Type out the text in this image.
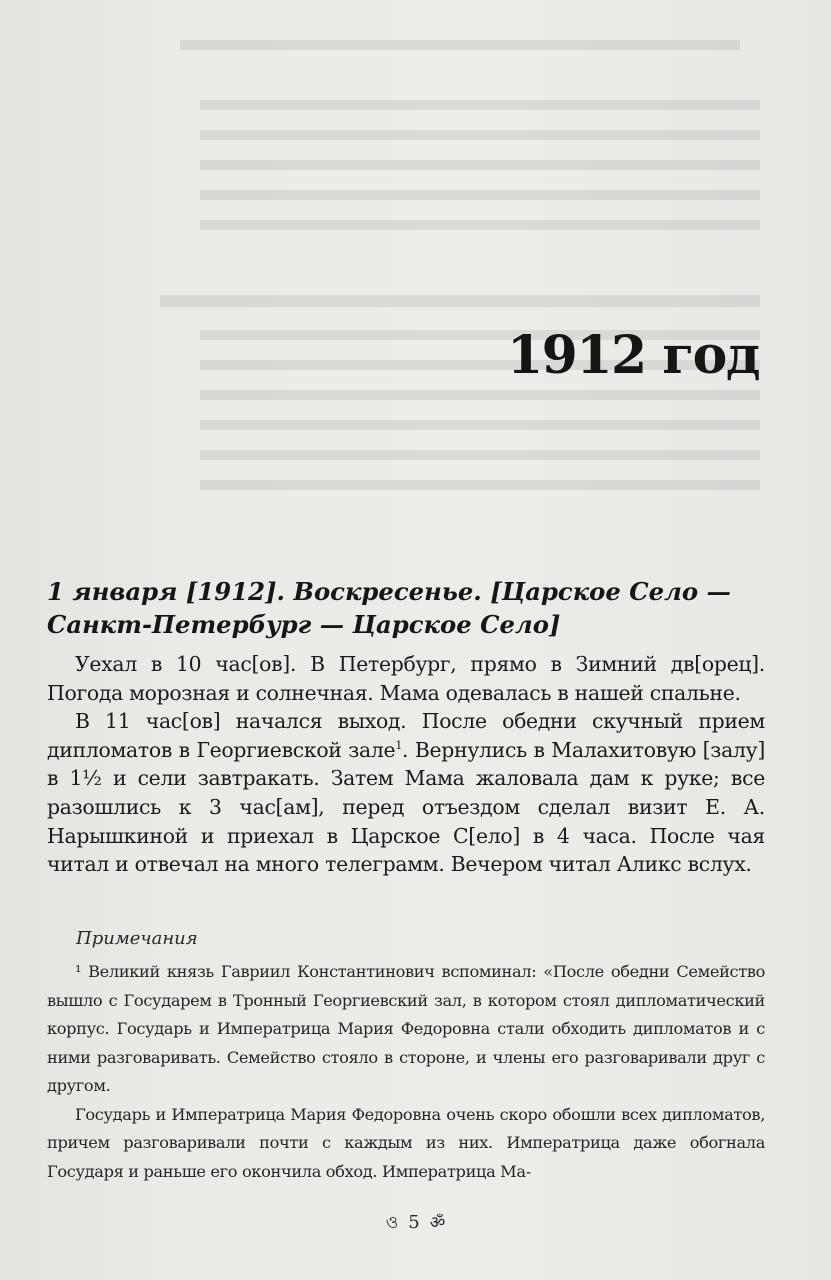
1912 год
1 января [1912]. Воскресенье. [Царское Село — Санкт-Петербург — Царское Село]

Уехал в 10 час[ов]. В Петербург, прямо в Зимний дв[орец]. Погода морозная и солнечная. Мама одевалась в нашей спальне.

В 11 час[ов] начался выход. После обедни скучный прием дипломатов в Георгиевской зале$^1$. Вернулись в Малахитовую [залу] в 1½ и сели завтракать. Затем Мама жаловала дам к руке; все разошлись к 3 час[ам], перед отъездом сделал визит Е. А. Нарышкиной и приехал в Царское С[ело] в 4 часа. После чая читал и отвечал на много телеграмм. Вечером читал Аликс вслух.

Примечания

¹ Великий князь Гавриил Константинович вспоминал: «После обедни Семейство вышло с Государем в Тронный Георгиевский зал, в котором стоял дипломатический корпус. Государь и Императрица Мария Федоровна стали обходить дипломатов и с ними разговаривать. Семейство стояло в стороне, и члены его разговаривали друг с другом.

Государь и Императрица Мария Федоровна очень скоро обошли всех дипломатов, причем разговаривали почти с каждым из них. Императрица даже обогнала Государя и раньше его окончила обход. Императрица Ма-

ও 5 ॐ
